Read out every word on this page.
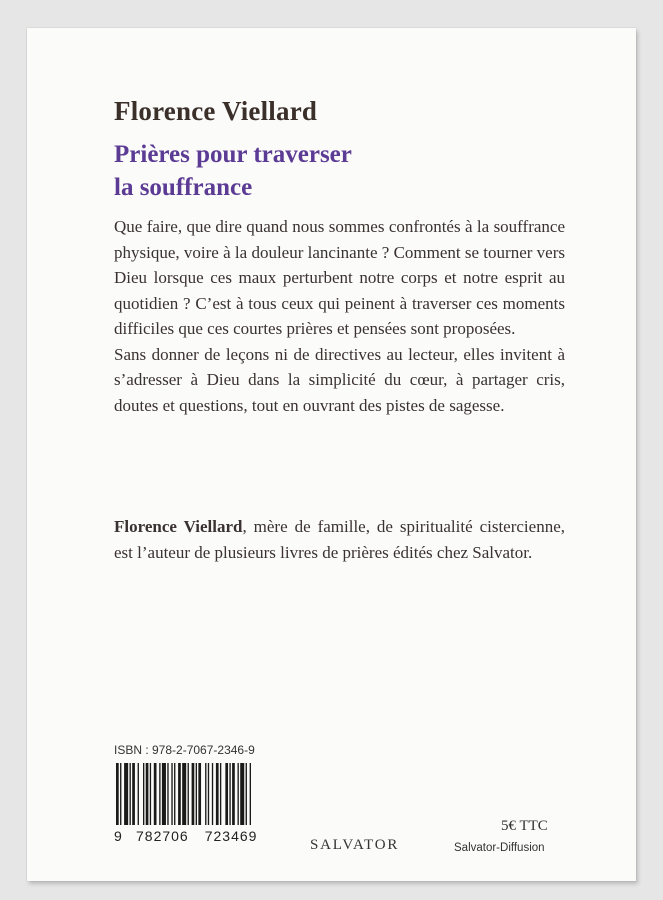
Florence Viellard
Prières pour traverser
la souffrance

Que faire, que dire quand nous sommes confrontés à la souffrance physique, voire à la douleur lancinante ? Comment se tourner vers Dieu lorsque ces maux perturbent notre corps et notre esprit au quotidien ? C’est à tous ceux qui peinent à traverser ces moments difficiles que ces courtes prières et pensées sont proposées.

Sans donner de leçons ni de directives au lecteur, elles invitent à s’adresser à Dieu dans la simplicité du cœur, à partager cris, doutes et questions, tout en ouvrant des pistes de sagesse.

Florence Viellard, mère de famille, de spiritualité cistercienne, est l’auteur de plusieurs livres de prières édités chez Salvator.
ISBN : 978-2-7067-2346-9
9 782706 723469
SALVATOR
5€ TTC
Salvator-Diffusion
